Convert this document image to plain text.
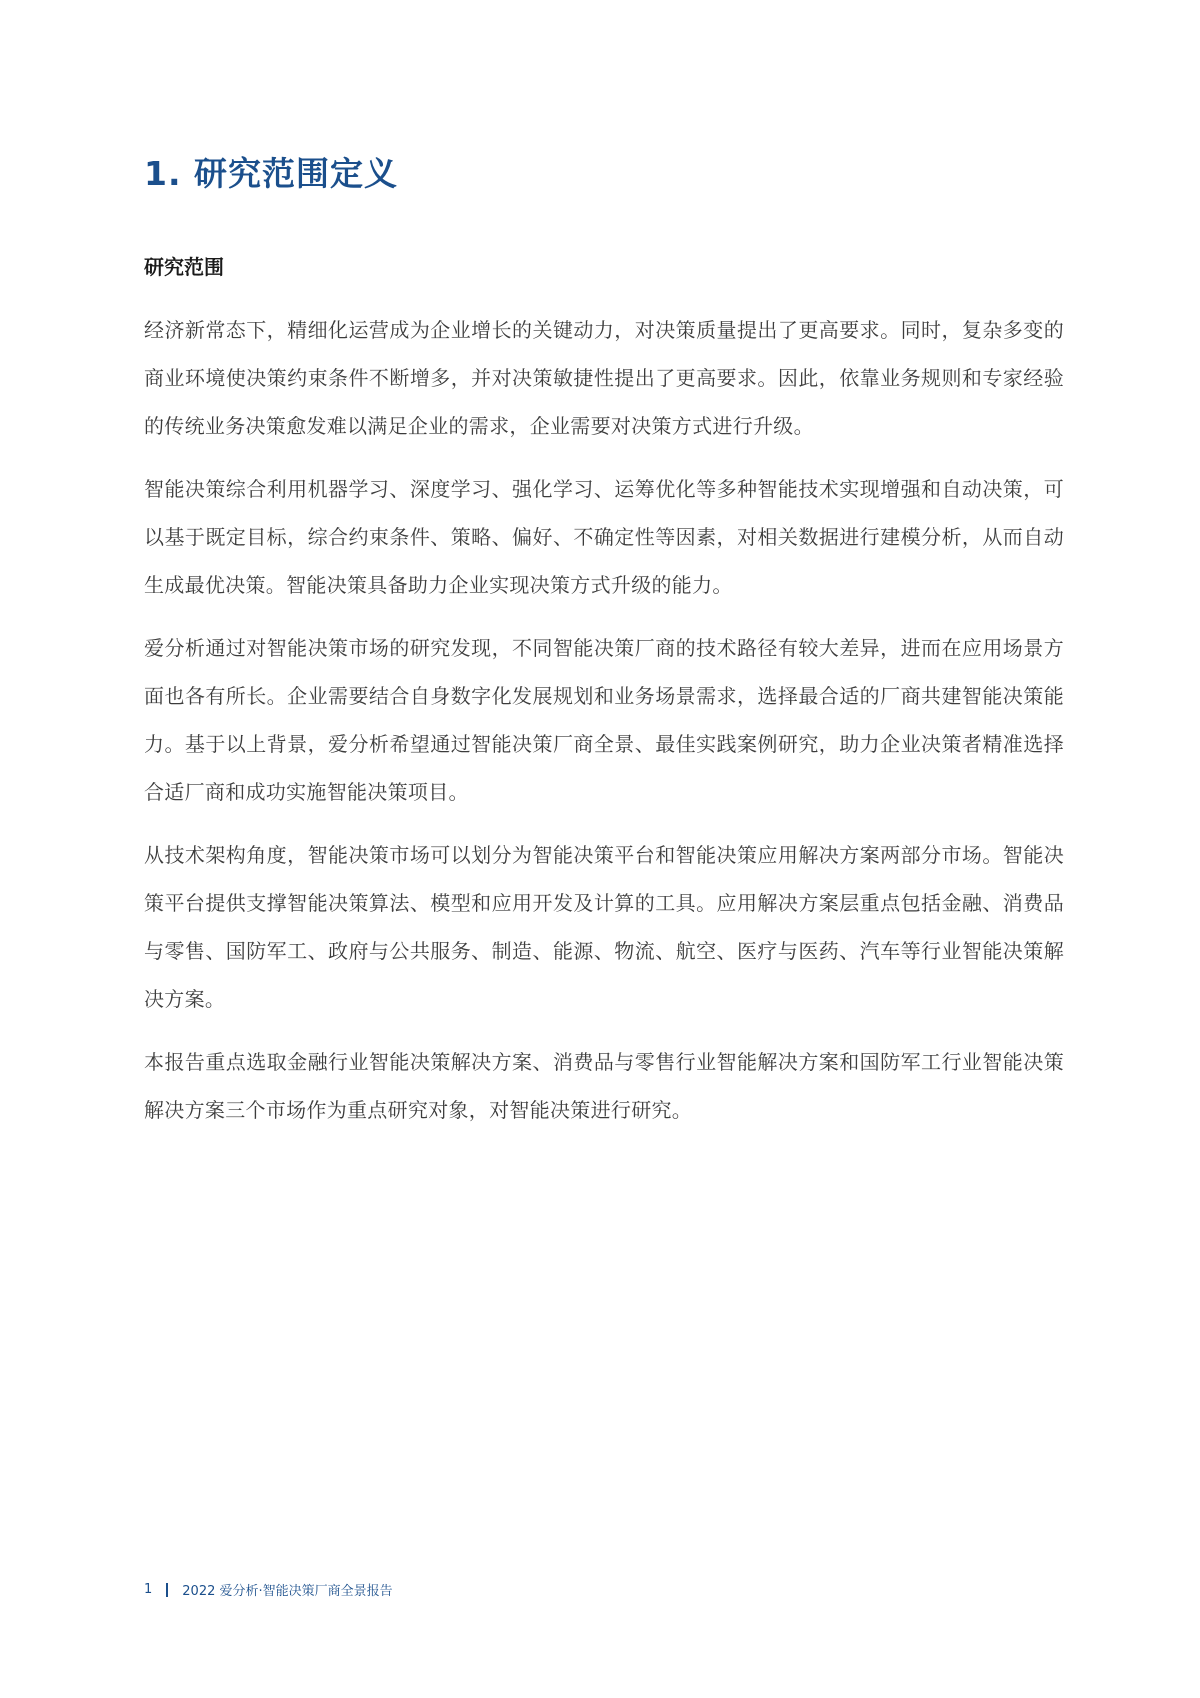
1. 研究范围定义
研究范围

经济新常态下，精细化运营成为企业增长的关键动力，对决策质量提出了更高要求。同时，复杂多变的商业环境使决策约束条件不断增多，并对决策敏捷性提出了更高要求。因此，依靠业务规则和专家经验的传统业务决策愈发难以满足企业的需求，企业需要对决策方式进行升级。

智能决策综合利用机器学习、深度学习、强化学习、运筹优化等多种智能技术实现增强和自动决策，可以基于既定目标，综合约束条件、策略、偏好、不确定性等因素，对相关数据进行建模分析，从而自动生成最优决策。智能决策具备助力企业实现决策方式升级的能力。

爱分析通过对智能决策市场的研究发现，不同智能决策厂商的技术路径有较大差异，进而在应用场景方面也各有所长。企业需要结合自身数字化发展规划和业务场景需求，选择最合适的厂商共建智能决策能力。基于以上背景，爱分析希望通过智能决策厂商全景、最佳实践案例研究，助力企业决策者精准选择合适厂商和成功实施智能决策项目。

从技术架构角度，智能决策市场可以划分为智能决策平台和智能决策应用解决方案两部分市场。智能决策平台提供支撑智能决策算法、模型和应用开发及计算的工具。应用解决方案层重点包括金融、消费品与零售、国防军工、政府与公共服务、制造、能源、物流、航空、医疗与医药、汽车等行业智能决策解决方案。

本报告重点选取金融行业智能决策解决方案、消费品与零售行业智能解决方案和国防军工行业智能决策解决方案三个市场作为重点研究对象，对智能决策进行研究。

1 2022 爱分析·智能决策厂商全景报告
